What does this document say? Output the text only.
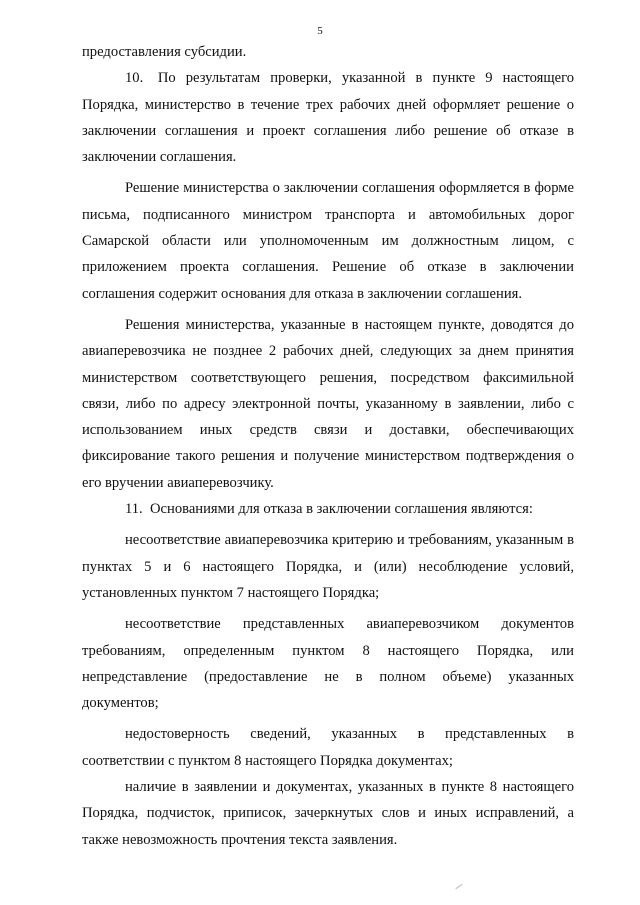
5

предоставления субсидии.

10. По результатам проверки, указанной в пункте 9 настоящего Порядка, министерство в течение трех рабочих дней оформляет решение о заключении соглашения и проект соглашения либо решение об отказе в заключении соглашения.

Решение министерства о заключении соглашения оформляется в форме письма, подписанного министром транспорта и автомобильных дорог Самарской области или уполномоченным им должностным лицом, с приложением проекта соглашения. Решение об отказе в заключении соглашения содержит основания для отказа в заключении соглашения.

Решения министерства, указанные в настоящем пункте, доводятся до авиаперевозчика не позднее 2 рабочих дней, следующих за днем принятия министерством соответствующего решения, посредством факсимильной связи, либо по адресу электронной почты, указанному в заявлении, либо с использованием иных средств связи и доставки, обеспечивающих фиксирование такого решения и получение министерством подтверждения о его вручении авиаперевозчику.

11. Основаниями для отказа в заключении соглашения являются:

несоответствие авиаперевозчика критерию и требованиям, указанным в пунктах 5 и 6 настоящего Порядка, и (или) несоблюдение условий, установленных пунктом 7 настоящего Порядка;

несоответствие представленных авиаперевозчиком документов требованиям, определенным пунктом 8 настоящего Порядка, или непредставление (предоставление не в полном объеме) указанных документов;

недостоверность сведений, указанных в представленных в соответствии с пунктом 8 настоящего Порядка документах;

наличие в заявлении и документах, указанных в пункте 8 настоящего Порядка, подчисток, приписок, зачеркнутых слов и иных исправлений, а также невозможность прочтения текста заявления.
